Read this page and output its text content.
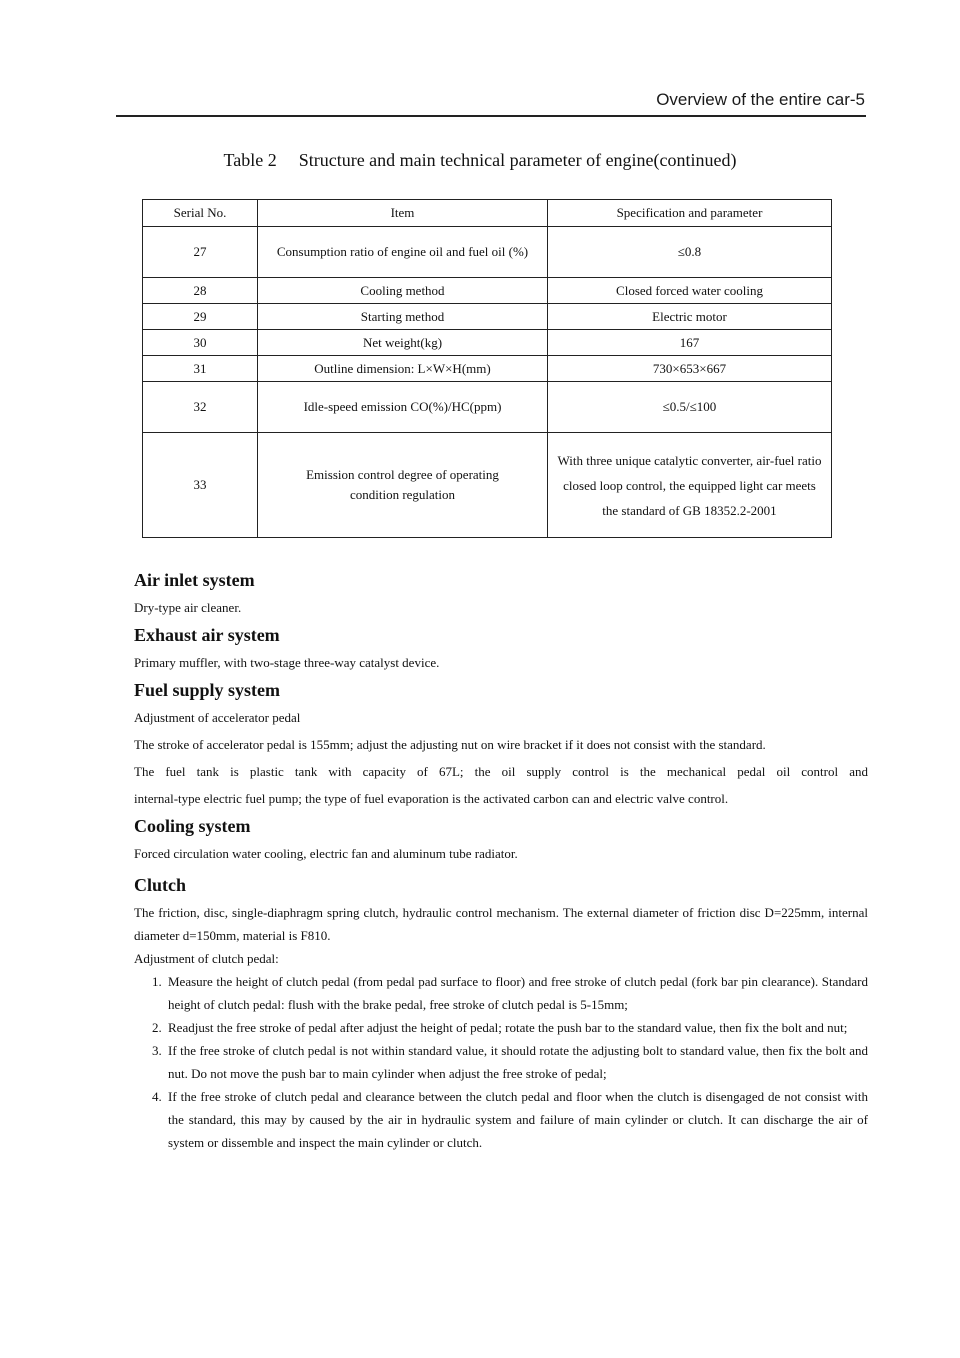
Overview of the entire car-5
Table 2 Structure and main technical parameter of engine(continued)
Serial No.	Item	Specification and parameter
27	Consumption ratio of engine oil and fuel oil (%)	≤0.8
28	Cooling method	Closed forced water cooling
29	Starting method	Electric motor
30	Net weight(kg)	167
31	Outline dimension: L×W×H(mm)	730×653×667
32	Idle-speed emission CO(%)/HC(ppm)	≤0.5/≤100
33	Emission control degree of operating condition regulation	With three unique catalytic converter, air-fuel ratio closed loop control, the equipped light car meets the standard of GB 18352.2-2001
Air inlet system

Dry-type air cleaner.

Exhaust air system

Primary muffler, with two-stage three-way catalyst device.

Fuel supply system

Adjustment of accelerator pedal

The stroke of accelerator pedal is 155mm; adjust the adjusting nut on wire bracket if it does not consist with the standard.

The fuel tank is plastic tank with capacity of 67L; the oil supply control is the mechanical pedal oil control and

internal-type electric fuel pump; the type of fuel evaporation is the activated carbon can and electric valve control.

Cooling system

Forced circulation water cooling, electric fan and aluminum tube radiator.

Clutch

The friction, disc, single-diaphragm spring clutch, hydraulic control mechanism. The external diameter of friction disc D=225mm, internal diameter d=150mm, material is F810.

Adjustment of clutch pedal:

1. Measure the height of clutch pedal (from pedal pad surface to floor) and free stroke of clutch pedal (fork bar pin clearance). Standard height of clutch pedal: flush with the brake pedal, free stroke of clutch pedal is 5-15mm;
2. Readjust the free stroke of pedal after adjust the height of pedal; rotate the push bar to the standard value, then fix the bolt and nut;
3. If the free stroke of clutch pedal is not within standard value, it should rotate the adjusting bolt to standard value, then fix the bolt and nut. Do not move the push bar to main cylinder when adjust the free stroke of pedal;
4. If the free stroke of clutch pedal and clearance between the clutch pedal and floor when the clutch is disengaged de not consist with the standard, this may by caused by the air in hydraulic system and failure of main cylinder or clutch. It can discharge the air of system or dissemble and inspect the main cylinder or clutch.
